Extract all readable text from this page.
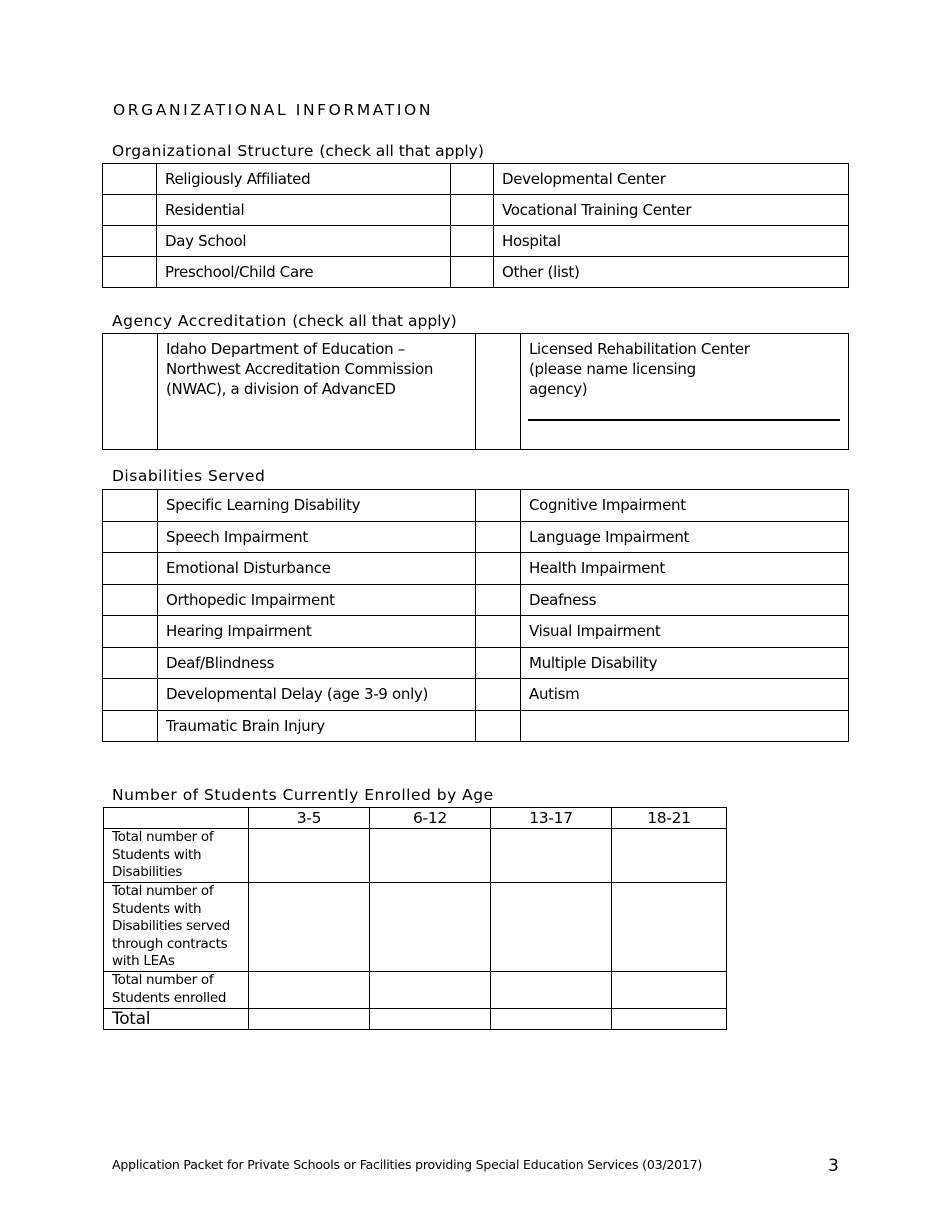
ORGANIZATIONAL INFORMATION
Organizational Structure (check all that apply)
	Religiously Affiliated		Developmental Center
	Residential		Vocational Training Center
	Day School		Hospital
	Preschool/Child Care		Other (list)
Agency Accreditation (check all that apply)
	Idaho Department of Education – Northwest Accreditation Commission (NWAC), a division of AdvancED		Licensed Rehabilitation Center (please name licensing agency)
Disabilities Served
	Specific Learning Disability		Cognitive Impairment
	Speech Impairment		Language Impairment
	Emotional Disturbance		Health Impairment
	Orthopedic Impairment		Deafness
	Hearing Impairment		Visual Impairment
	Deaf/Blindness		Multiple Disability
	Developmental Delay (age 3-9 only)		Autism
	Traumatic Brain Injury		
Number of Students Currently Enrolled by Age
	3-5	6-12	13-17	18-21
Total number of Students with Disabilities				
Total number of Students with Disabilities served through contracts with LEAs				
Total number of Students enrolled				
Total				
Application Packet for Private Schools or Facilities providing Special Education Services (03/2017)	3
